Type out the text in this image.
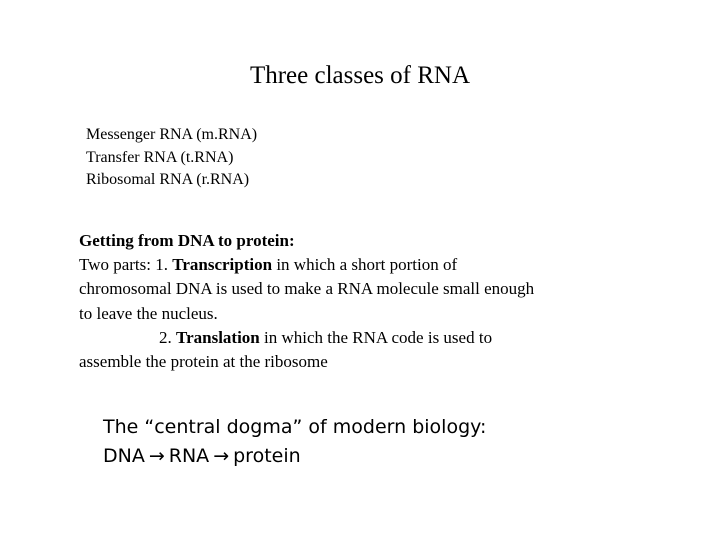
Three classes of RNA
Messenger RNA (m.RNA)
Transfer RNA (t.RNA)
Ribosomal RNA (r.RNA)
Getting from DNA to protein:
Two parts: 1. Transcription in which a short portion of
chromosomal DNA is used to make a RNA molecule small enough
to leave the nucleus.
2. Translation in which the RNA code is used to
assemble the protein at the ribosome
The “central dogma” of modern biology:
DNA → RNA → protein
